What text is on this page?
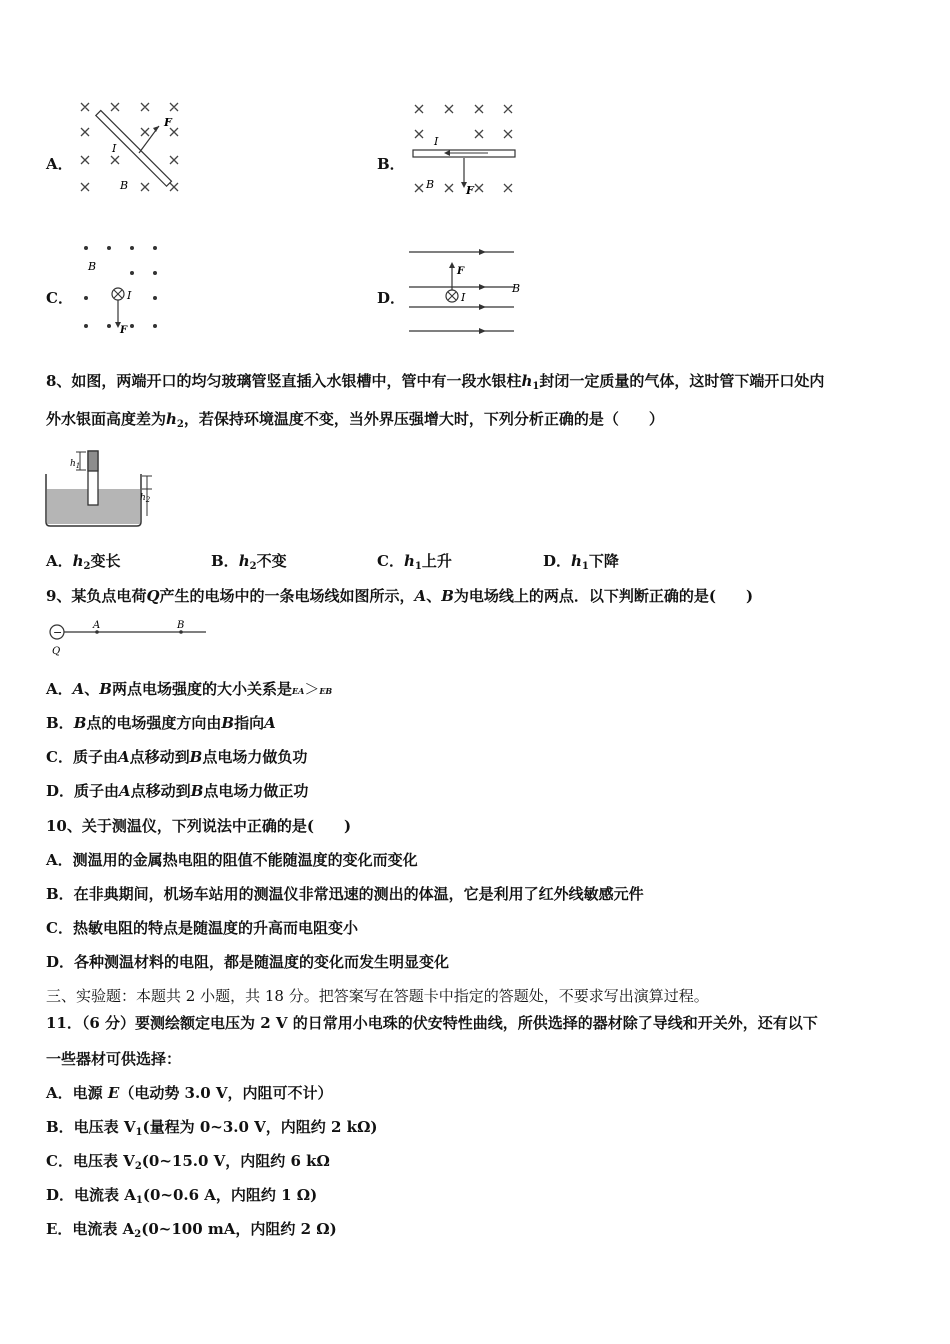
A．	B．
C．	D．
F
I
B
I
F
B
I
F
B	F
I
B
8、如图，两端开口的均匀玻璃管竖直插入水银槽中，管中有一段水银柱$h_1$封闭一定质量的气体，这时管下端开口处内
外水银面高度差为$h_2$，若保持环境温度不变，当外界压强增大时，下列分析正确的是（　　）
$h_1$
$h_2$
A．$h_2$变长	B．$h_2$不变	C．$h_1$上升	D．$h_1$下降
9、某负点电荷Q产生的电场中的一条电场线如图所示，A、B为电场线上的两点．以下判断正确的是(　　)
−
A	B
Q
A．A、B两点电场强度的大小关系是EA＞EB
B．B点的电场强度方向由B指向A
C．质子由A点移动到B点电场力做负功
D．质子由A点移动到B点电场力做正功
10、关于测温仪，下列说法中正确的是(　　)
A．测温用的金属热电阻的阻值不能随温度的变化而变化
B．在非典期间，机场车站用的测温仪非常迅速的测出的体温，它是利用了红外线敏感元件
C．热敏电阻的特点是随温度的升高而电阻变小
D．各种测温材料的电阻，都是随温度的变化而发生明显变化
三、实验题：本题共 2 小题，共 18 分。把答案写在答题卡中指定的答题处，不要求写出演算过程。
11．（6 分）要测绘额定电压为 2 V 的日常用小电珠的伏安特性曲线，所供选择的器材除了导线和开关外，还有以下
一些器材可供选择：
A．电源 E（电动势 3.0 V，内阻可不计）
B．电压表 $V_1$(量程为 0~3.0 V，内阻约 2 kΩ)
C．电压表 $V_2(0\sim 15.0$ V，内阻约 6 kΩ
D．电流表 $A_1(0\sim 0.6$ A，内阻约 1 Ω)
E．电流表 $A_2(0\sim 100$ mA，内阻约 2 Ω)
